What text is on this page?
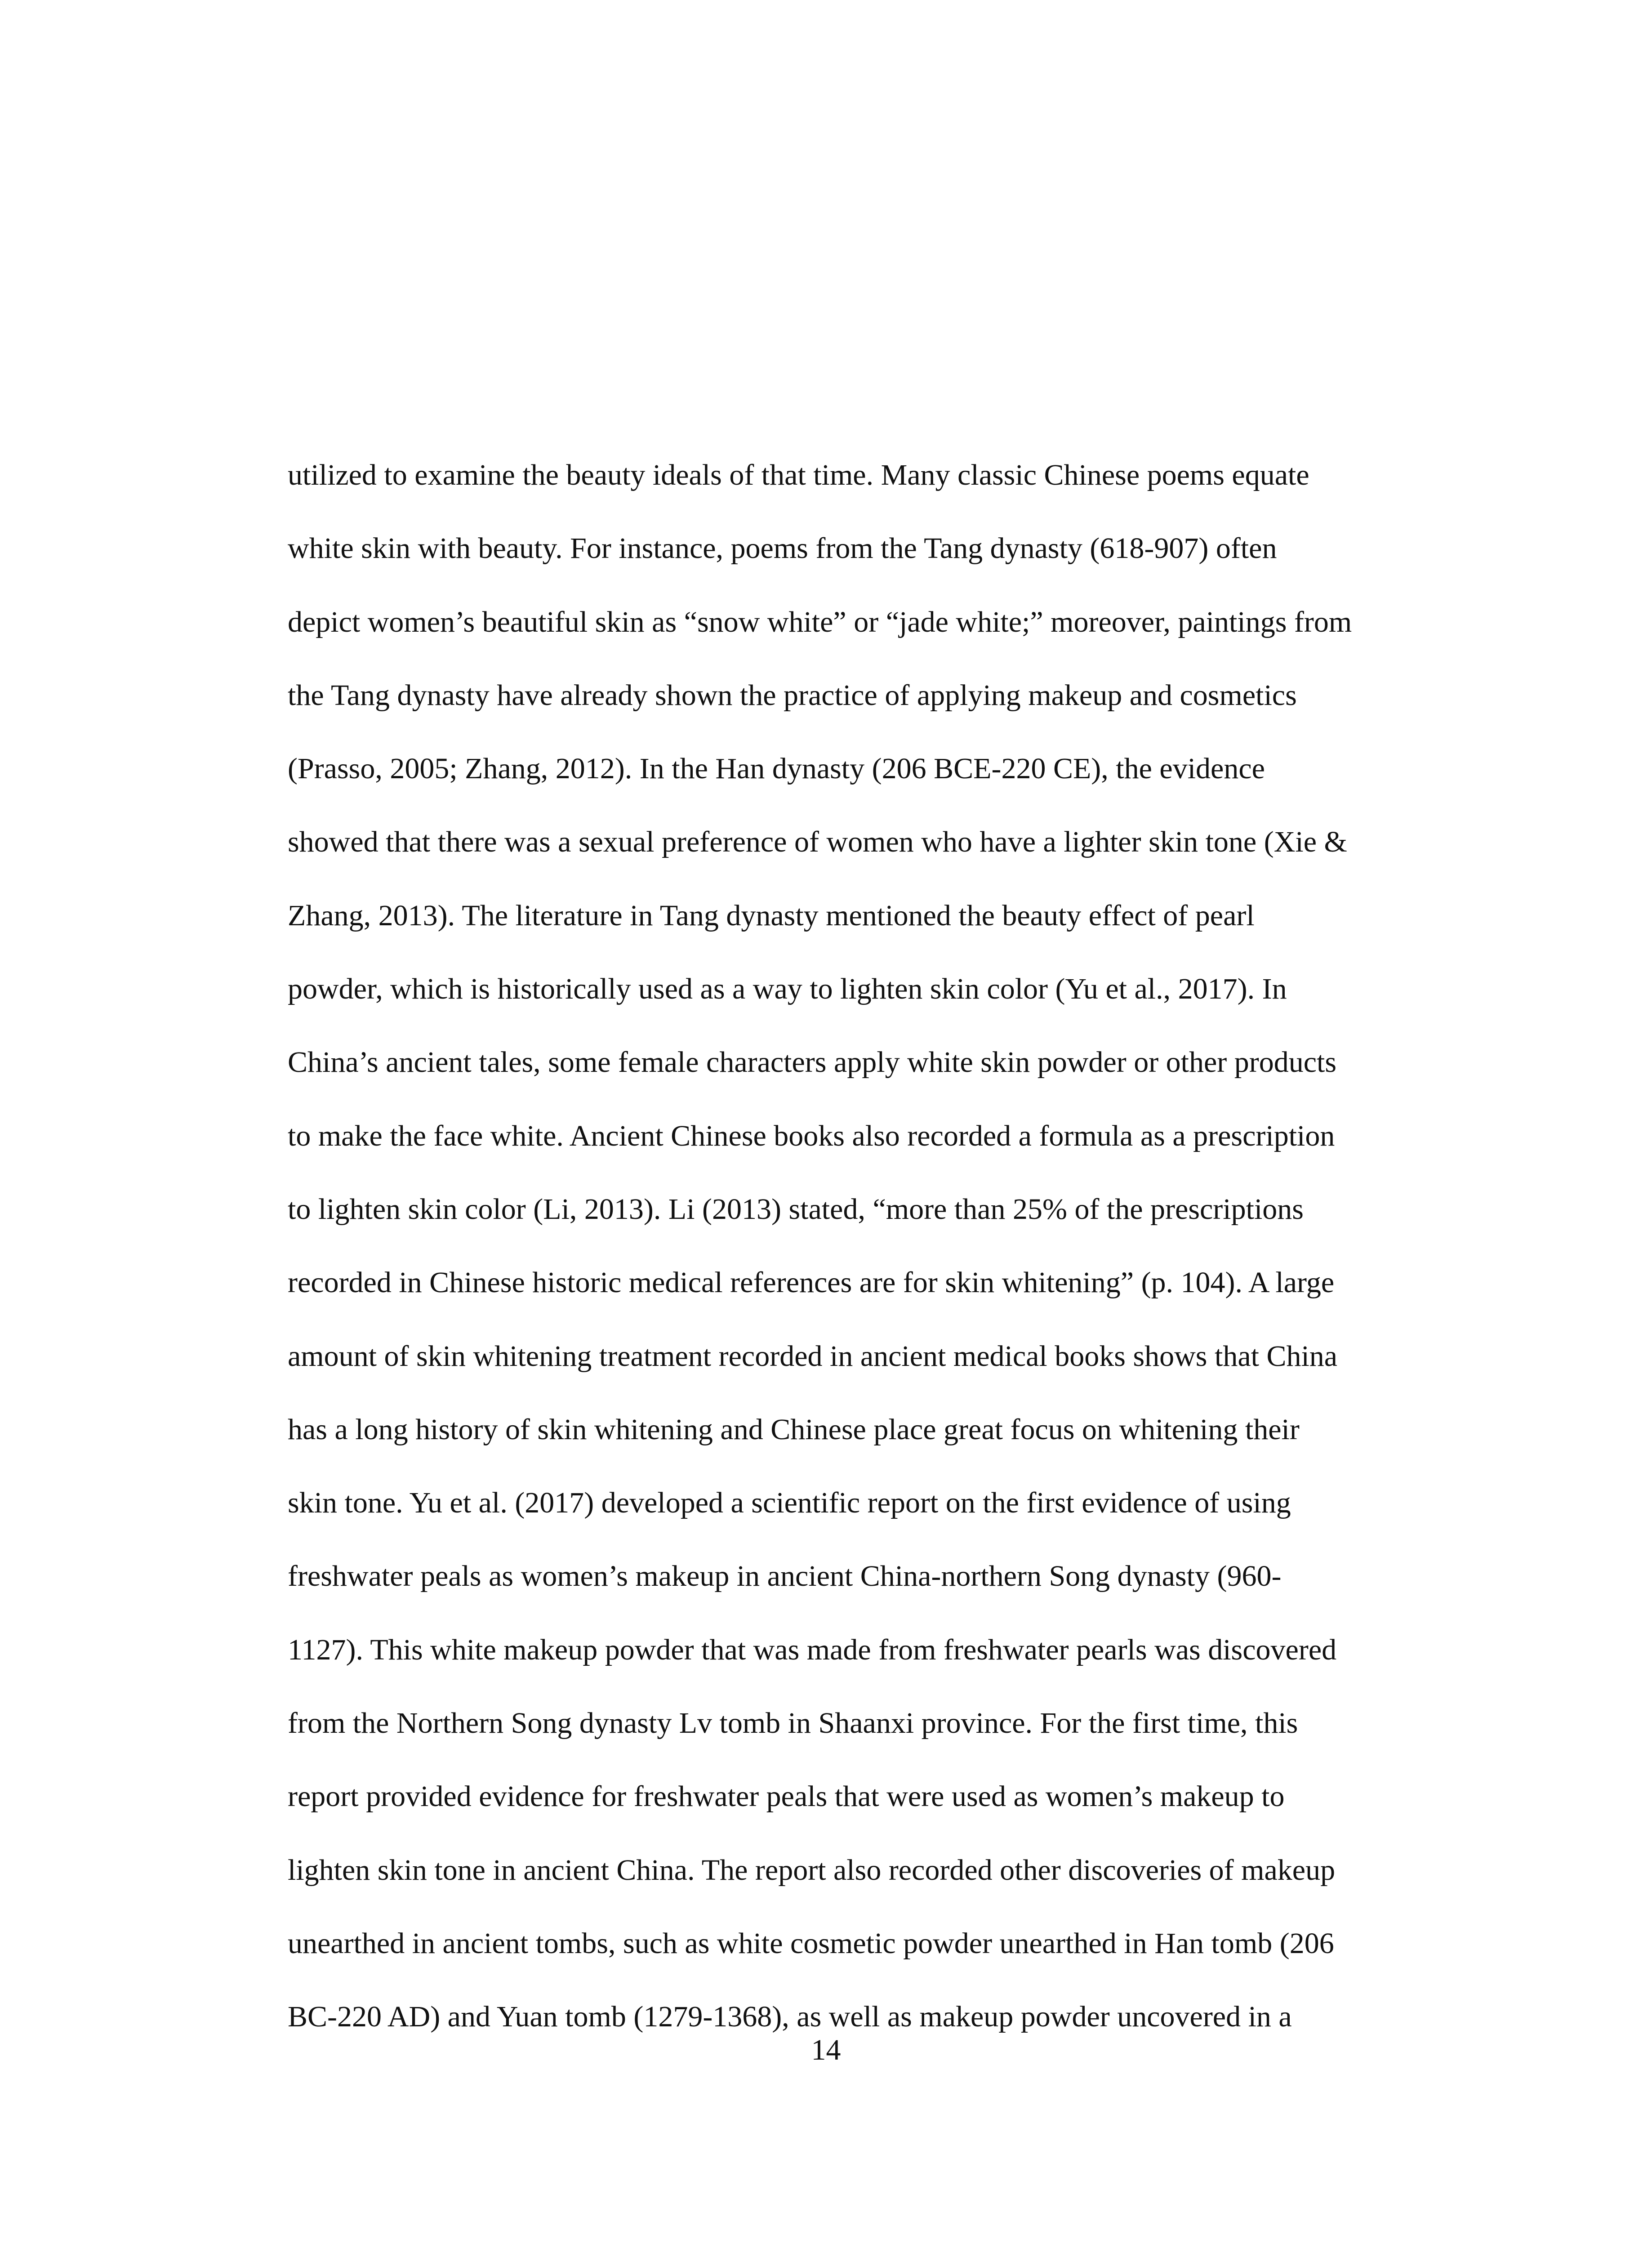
utilized to examine the beauty ideals of that time. Many classic Chinese poems equate
white skin with beauty. For instance, poems from the Tang dynasty (618-907) often
depict women’s beautiful skin as “snow white” or “jade white;” moreover, paintings from
the Tang dynasty have already shown the practice of applying makeup and cosmetics
(Prasso, 2005; Zhang, 2012). In the Han dynasty (206 BCE-220 CE), the evidence
showed that there was a sexual preference of women who have a lighter skin tone (Xie &
Zhang, 2013). The literature in Tang dynasty mentioned the beauty effect of pearl
powder, which is historically used as a way to lighten skin color (Yu et al., 2017). In
China’s ancient tales, some female characters apply white skin powder or other products
to make the face white. Ancient Chinese books also recorded a formula as a prescription
to lighten skin color (Li, 2013). Li (2013) stated, “more than 25% of the prescriptions
recorded in Chinese historic medical references are for skin whitening” (p. 104). A large
amount of skin whitening treatment recorded in ancient medical books shows that China
has a long history of skin whitening and Chinese place great focus on whitening their
skin tone. Yu et al. (2017) developed a scientific report on the first evidence of using
freshwater peals as women’s makeup in ancient China-northern Song dynasty (960-
1127). This white makeup powder that was made from freshwater pearls was discovered
from the Northern Song dynasty Lv tomb in Shaanxi province. For the first time, this
report provided evidence for freshwater peals that were used as women’s makeup to
lighten skin tone in ancient China. The report also recorded other discoveries of makeup
unearthed in ancient tombs, such as white cosmetic powder unearthed in Han tomb (206
BC-220 AD) and Yuan tomb (1279-1368), as well as makeup powder uncovered in a
14
